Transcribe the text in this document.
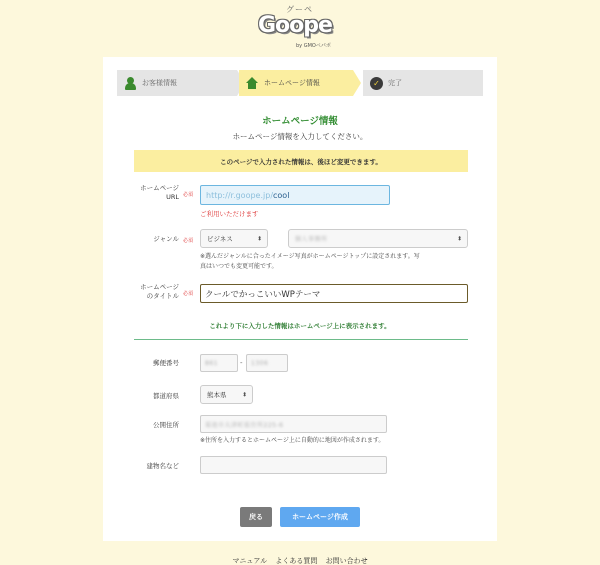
グーペ
Goope
by GMOペパボ
お客様情報	ホームページ情報	✓	完了
ホームページ情報
ホームページ情報を入力してください。
このページで入力された情報は、後ほど変更できます。
ホームページ
URL 必須 http://r.goope.jp/ cool
ご利用いただけます
ジャンル 必須 ビジネス	⬍	個人事務所	⬍
※選んだジャンルに合ったイメージ写真がホームページトップに設定されます。写
真はいつでも変更可能です。
ホームページ
のタイトル 必須	クールでかっこいいWPテーマ
これより下に入力した情報はホームページ上に表示されます。
郵便番号	861	- 1306
都道府県	熊本県	⬍
公開住所	菊池市大津町仮住所225-6
※住所を入力するとホームページ上に自動的に地図が作成されます。
建物名など
戻る	ホームページ作成
マニュアル よくある質問 お問い合わせ
